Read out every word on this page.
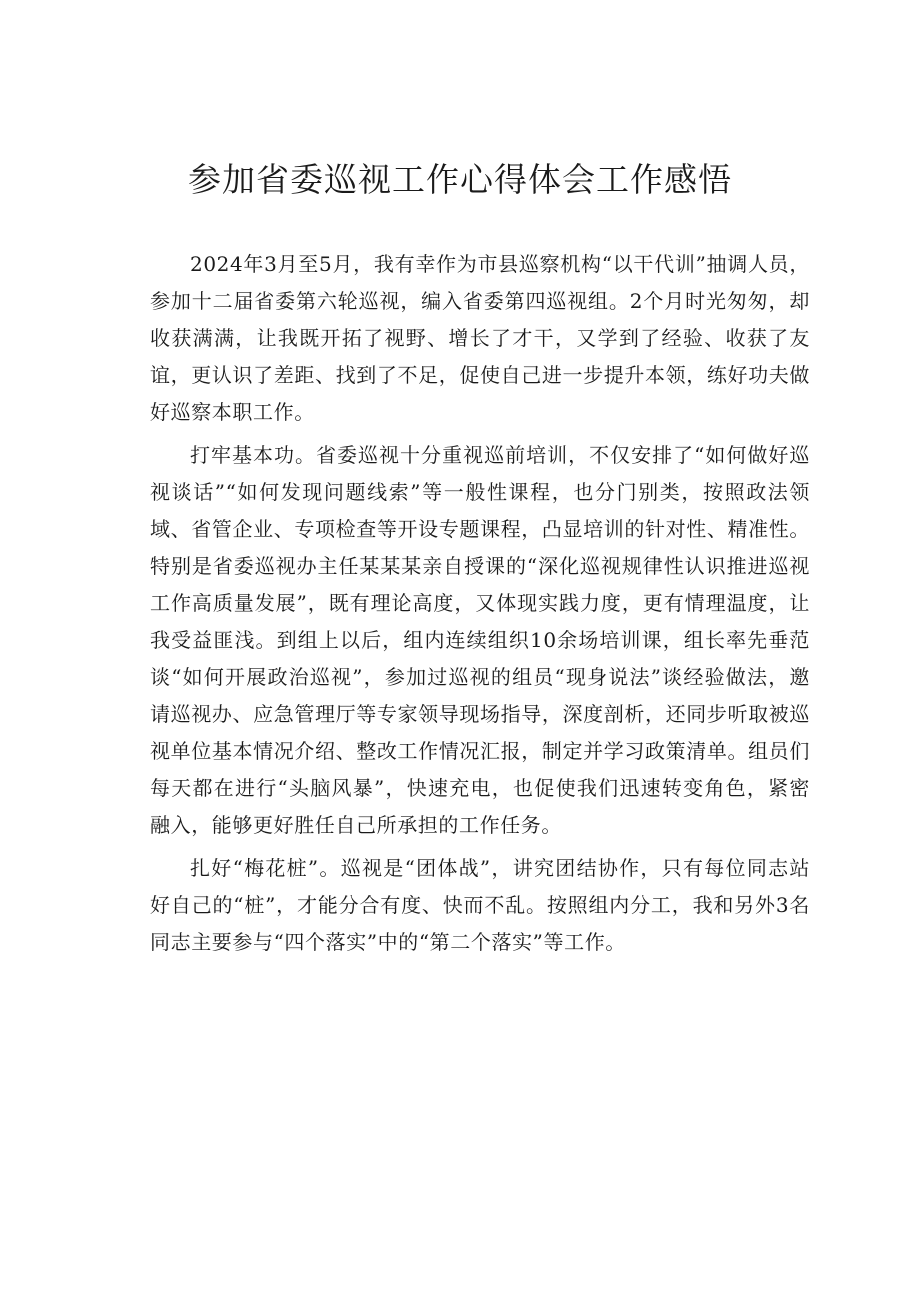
参加省委巡视工作心得体会工作感悟

2024年3月至5月，我有幸作为市县巡察机构“以干代训”抽调人员，参加十二届省委第六轮巡视，编入省委第四巡视组。2个月时光匆匆，却收获满满，让我既开拓了视野、增长了才干，又学到了经验、收获了友谊，更认识了差距、找到了不足，促使自己进一步提升本领，练好功夫做好巡察本职工作。

打牢基本功。省委巡视十分重视巡前培训，不仅安排了“如何做好巡视谈话”“如何发现问题线索”等一般性课程，也分门别类，按照政法领域、省管企业、专项检查等开设专题课程，凸显培训的针对性、精准性。特别是省委巡视办主任某某某亲自授课的“深化巡视规律性认识推进巡视工作高质量发展”，既有理论高度，又体现实践力度，更有情理温度，让我受益匪浅。到组上以后，组内连续组织10余场培训课，组长率先垂范谈“如何开展政治巡视”，参加过巡视的组员“现身说法”谈经验做法，邀请巡视办、应急管理厅等专家领导现场指导，深度剖析，还同步听取被巡视单位基本情况介绍、整改工作情况汇报，制定并学习政策清单。组员们每天都在进行“头脑风暴”，快速充电，也促使我们迅速转变角色，紧密融入，能够更好胜任自己所承担的工作任务。

扎好“梅花桩”。巡视是“团体战”，讲究团结协作，只有每位同志站好自己的“桩”，才能分合有度、快而不乱。按照组内分工，我和另外3名同志主要参与“四个落实”中的“第二个落实”等工作。
